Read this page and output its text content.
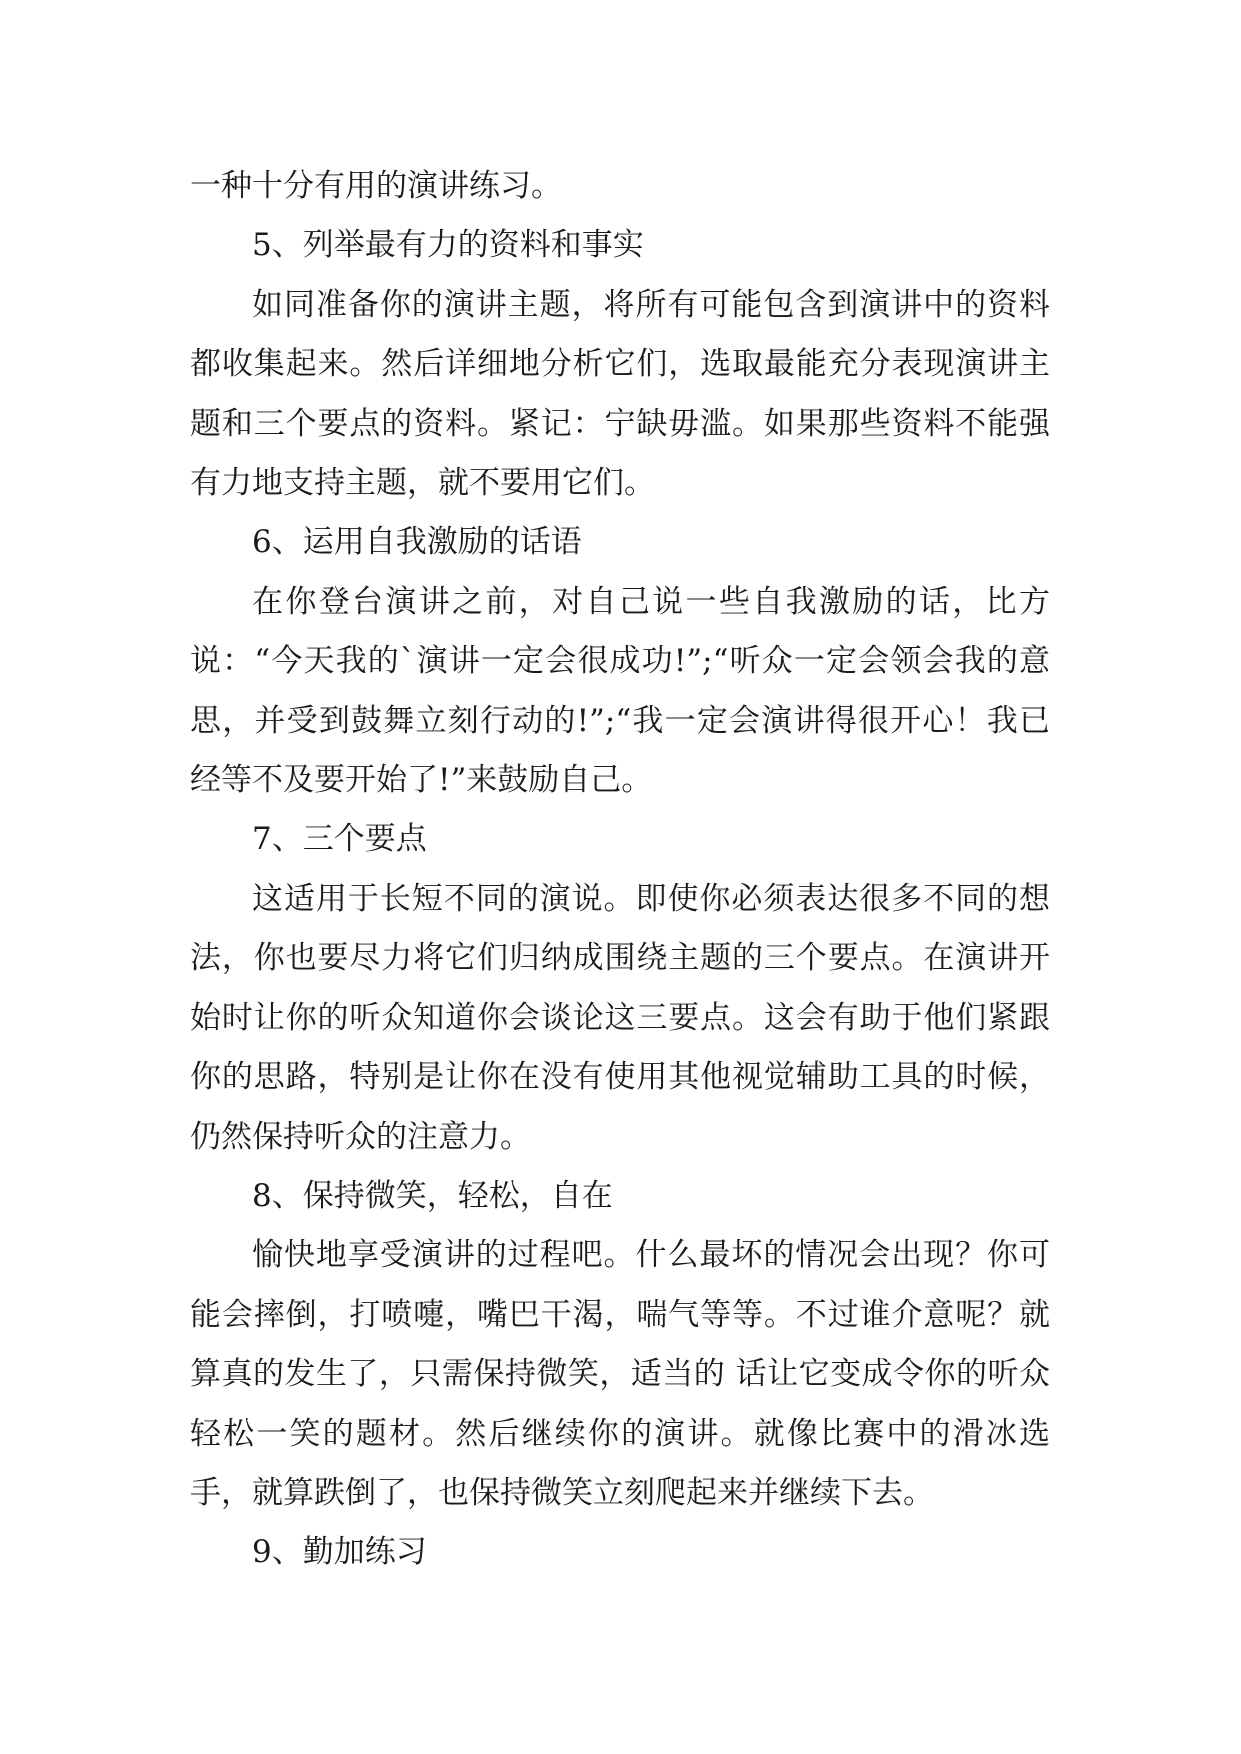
一种十分有用的演讲练习。

5、列举最有力的资料和事实

如同准备你的演讲主题，将所有可能包含到演讲中的资料都收集起来。然后详细地分析它们，选取最能充分表现演讲主题和三个要点的资料。紧记：宁缺毋滥。如果那些资料不能强有力地支持主题，就不要用它们。

6、运用自我激励的话语

在你登台演讲之前，对自己说一些自我激励的话，比方说：“今天我的`演讲一定会很成功!”;“听众一定会领会我的意思，并受到鼓舞立刻行动的!”;“我一定会演讲得很开心！我已经等不及要开始了!”来鼓励自己。

7、三个要点

这适用于长短不同的演说。即使你必须表达很多不同的想法，你也要尽力将它们归纳成围绕主题的三个要点。在演讲开始时让你的听众知道你会谈论这三要点。这会有助于他们紧跟你的思路，特别是让你在没有使用其他视觉辅助工具的时候，仍然保持听众的注意力。

8、保持微笑，轻松，自在

愉快地享受演讲的过程吧。什么最坏的情况会出现？你可能会摔倒，打喷嚏，嘴巴干渴，喘气等等。不过谁介意呢？就算真的发生了，只需保持微笑，适当的 话让它变成令你的听众轻松一笑的题材。然后继续你的演讲。就像比赛中的滑冰选手，就算跌倒了，也保持微笑立刻爬起来并继续下去。

9、勤加练习
